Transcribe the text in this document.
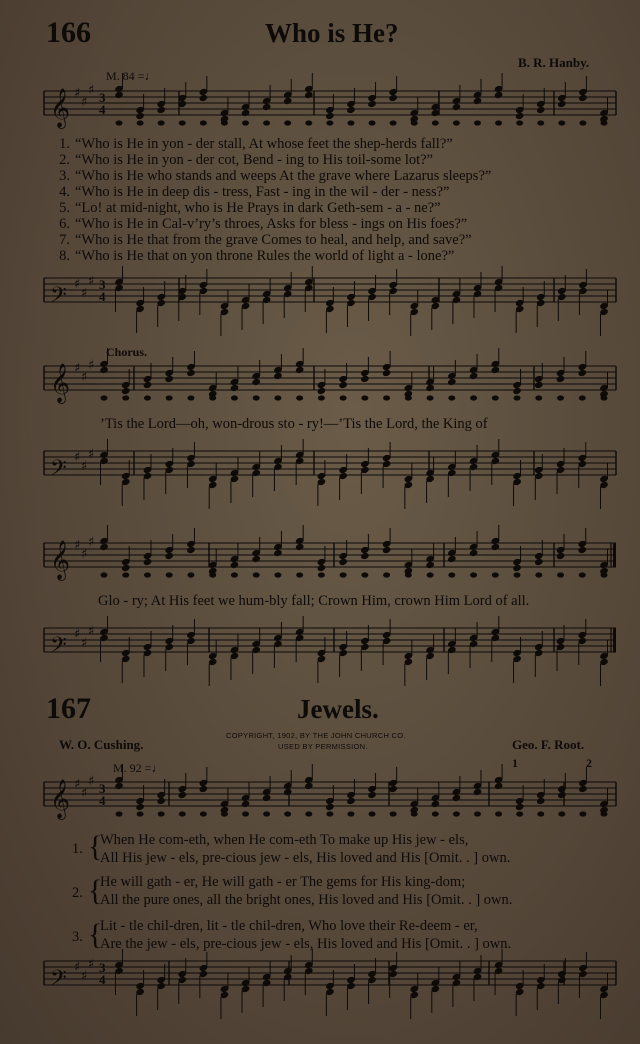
166	Who is He?
B. R. Hanby.
M. 84 =♩
𝄞 ♯
♯
♯ 3
4
1. “Who is He in yon - der stall, At whose feet the shep-herds fall?”
2. “Who is He in yon - der cot, Bend - ing to His toil-some lot?”
3. “Who is He who stands and weeps At the grave where Lazarus sleeps?”
4. “Who is He in deep dis - tress, Fast - ing in the wil - der - ness?”
5. “Lo! at mid-night, who is He Prays in dark Geth-sem - a - ne?”
6. “Who is He in Cal-v’ry’s throes, Asks for bless - ings on His foes?”
7. “Who is He that from the grave Comes to heal, and help, and save?”
8. “Who is He that on yon throne Rules the world of light a - lone?”
𝄢 ♯
♯
♯ 3
4
Chorus.
𝄞 ♯
♯
♯
’Tis the Lord—oh, won-drous sto - ry!—’Tis the Lord, the King of
𝄢 ♯
♯
♯
𝄞 ♯
♯
♯
Glo - ry; At His feet we hum-bly fall; Crown Him, crown Him Lord of all.
𝄢 ♯
♯
♯
167	Jewels.
COPYRIGHT, 1902, BY THE JOHN CHURCH CO.
USED BY PERMISSION.
W. O. Cushing.	Geo. F. Root.
M. 92 =♩	1	2
𝄞 ♯
♯
♯ 3
4
1. {
When He com-eth, when He com-eth To make up His jew - els,
All His jew - els, pre-cious jew - els, His loved and His [Omit. . ] own.
2. {
He will gath - er, He will gath - er The gems for His king-dom;
All the pure ones, all the bright ones, His loved and His [Omit. . ] own.
3. {
Lit - tle chil-dren, lit - tle chil-dren, Who love their Re-deem - er,
Are the jew - els, pre-cious jew - els, His loved and His [Omit. . ] own.
𝄢 ♯
♯
♯ 3
4
